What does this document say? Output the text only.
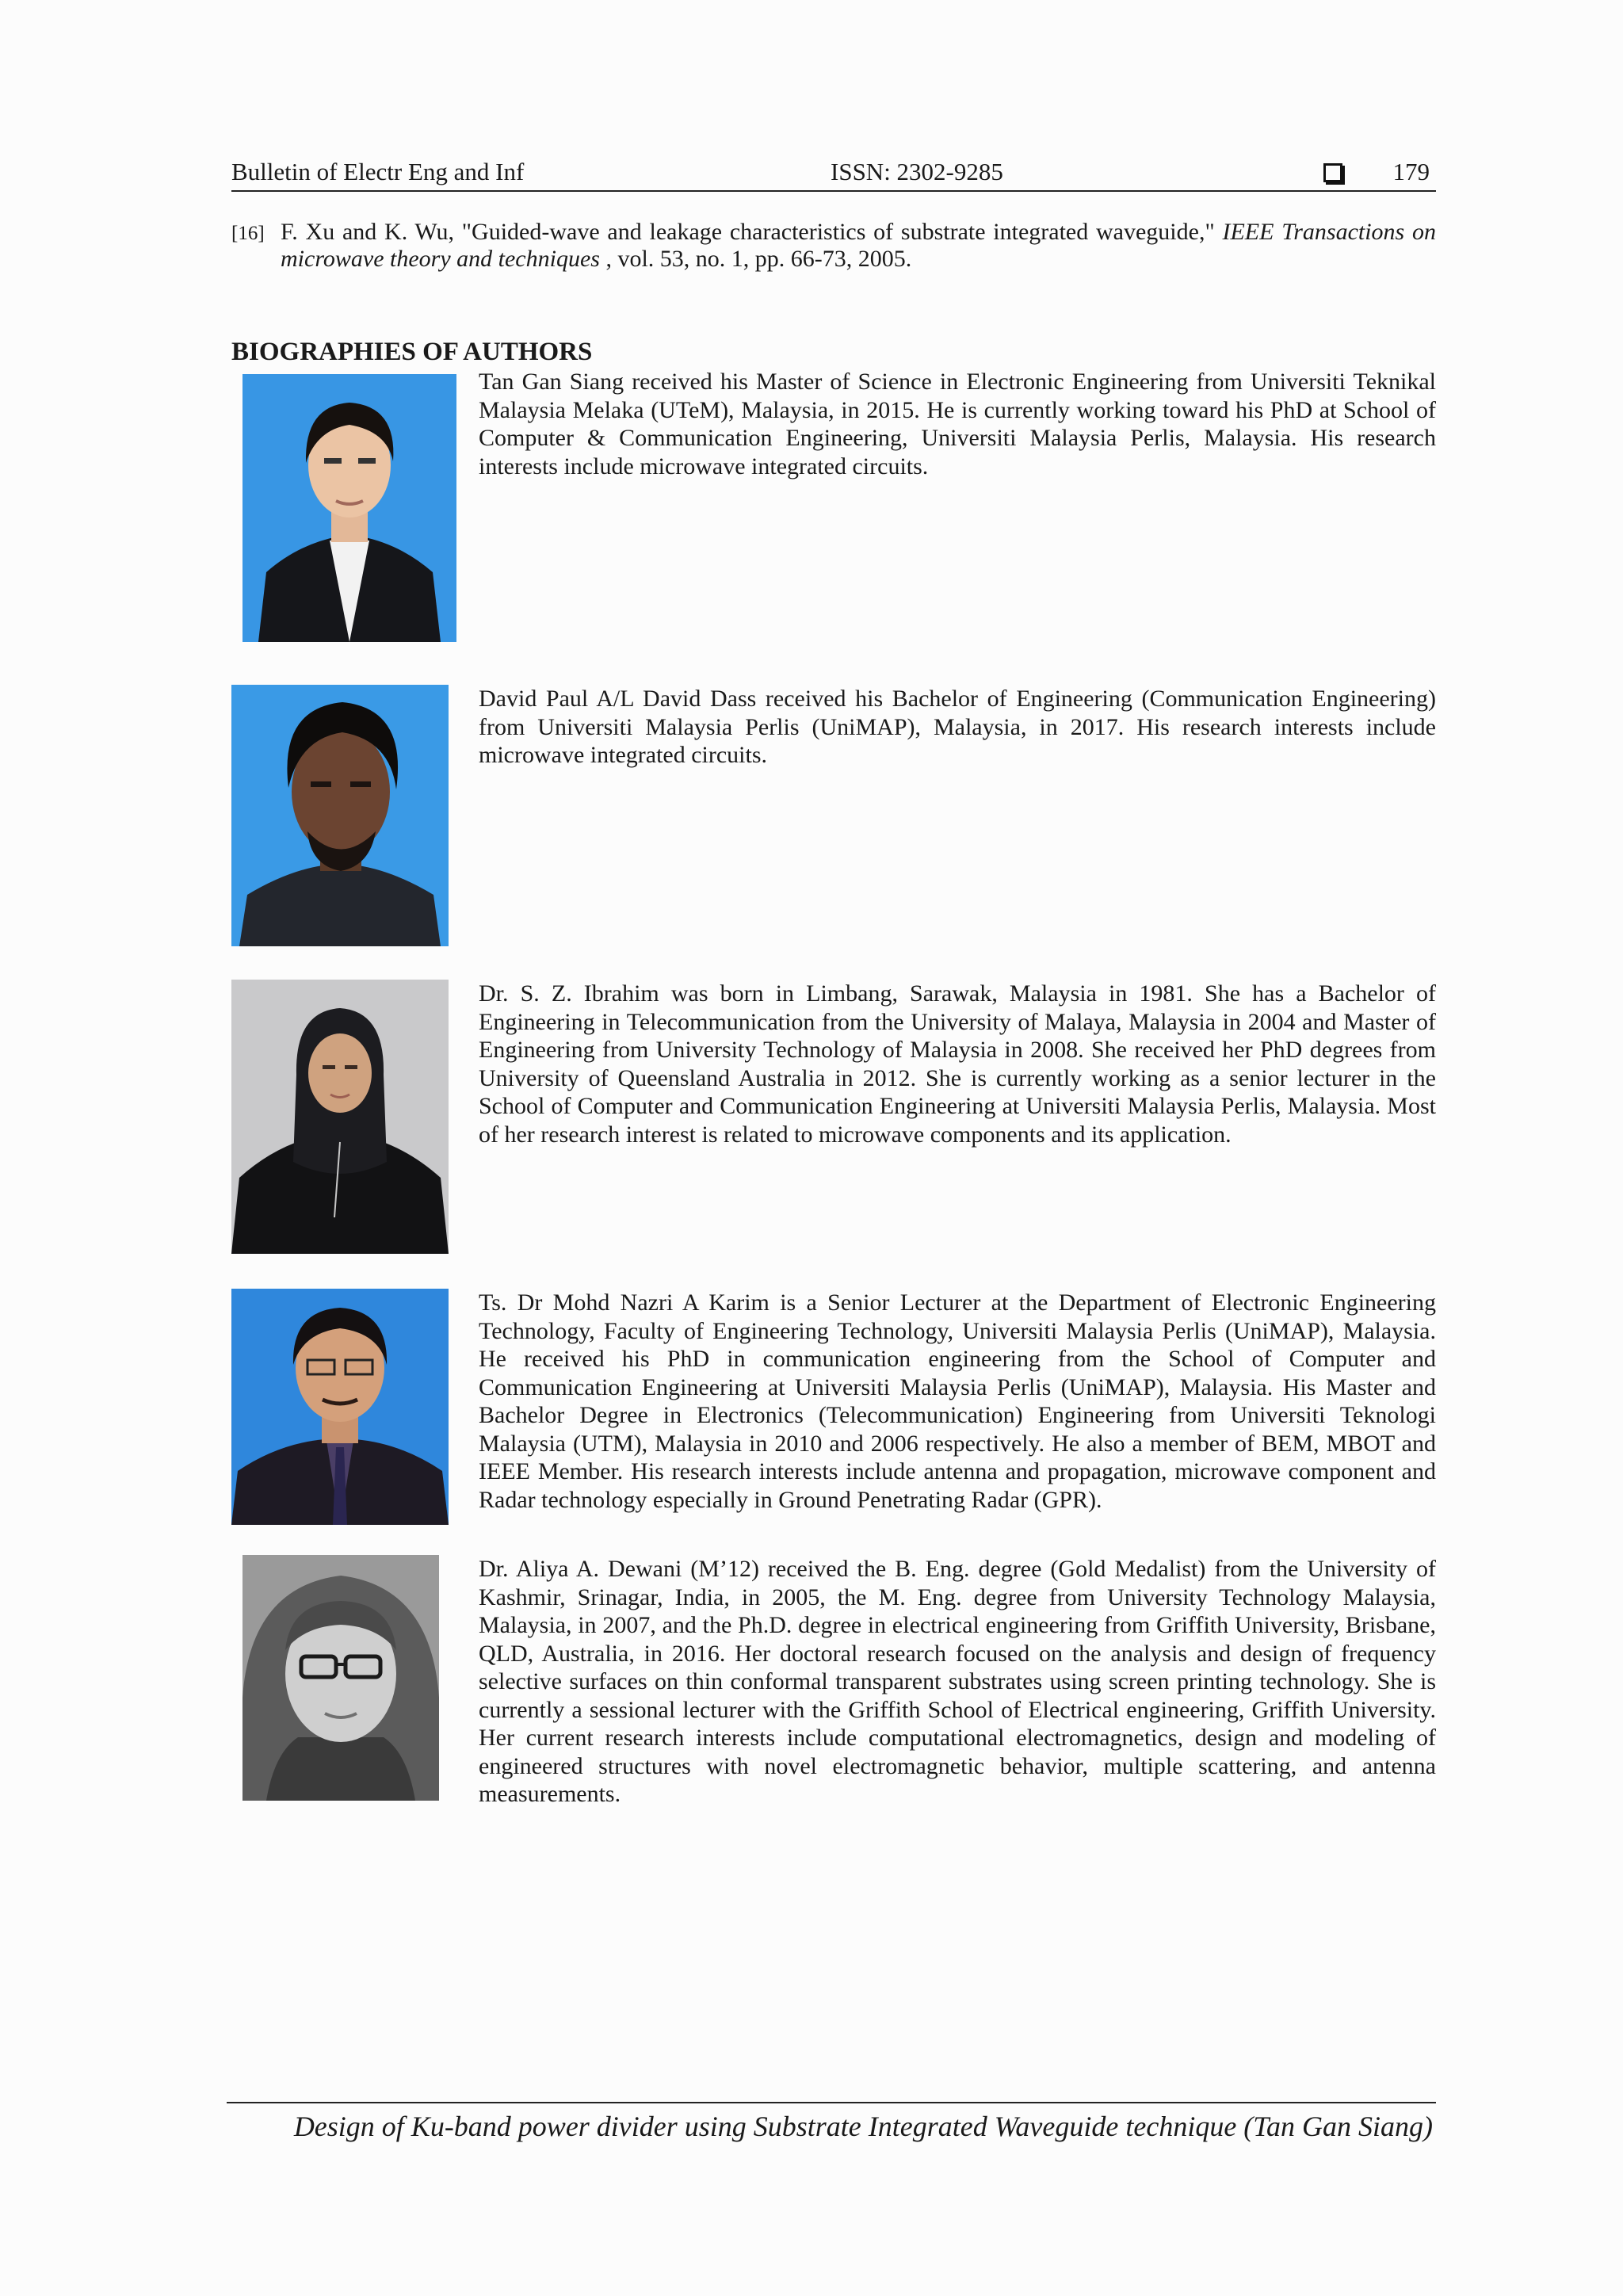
Bulletin of Electr Eng and Inf	ISSN: 2302-9285	179
[16] F. Xu and K. Wu, "Guided-wave and leakage characteristics of substrate integrated waveguide," IEEE Transactions on microwave theory and techniques , vol. 53, no. 1, pp. 66-73, 2005.
BIOGRAPHIES OF AUTHORS
Tan Gan Siang received his Master of Science in Electronic Engineering from Universiti Teknikal Malaysia Melaka (UTeM), Malaysia, in 2015. He is currently working toward his PhD at School of Computer & Communication Engineering, Universiti Malaysia Perlis, Malaysia. His research interests include microwave integrated circuits.
David Paul A/L David Dass received his Bachelor of Engineering (Communication Engineering) from Universiti Malaysia Perlis (UniMAP), Malaysia, in 2017. His research interests include microwave integrated circuits.
Dr. S. Z. Ibrahim was born in Limbang, Sarawak, Malaysia in 1981. She has a Bachelor of Engineering in Telecommunication from the University of Malaya, Malaysia in 2004 and Master of Engineering from University Technology of Malaysia in 2008. She received her PhD degrees from University of Queensland Australia in 2012. She is currently working as a senior lecturer in the School of Computer and Communication Engineering at Universiti Malaysia Perlis, Malaysia. Most of her research interest is related to microwave components and its application.
Ts. Dr Mohd Nazri A Karim is a Senior Lecturer at the Department of Electronic Engineering Technology, Faculty of Engineering Technology, Universiti Malaysia Perlis (UniMAP), Malaysia. He received his PhD in communication engineering from the School of Computer and Communication Engineering at Universiti Malaysia Perlis (UniMAP), Malaysia. His Master and Bachelor Degree in Electronics (Telecommunication) Engineering from Universiti Teknologi Malaysia (UTM), Malaysia in 2010 and 2006 respectively. He also a member of BEM, MBOT and IEEE Member. His research interests include antenna and propagation, microwave component and Radar technology especially in Ground Penetrating Radar (GPR).
Dr. Aliya A. Dewani (M’12) received the B. Eng. degree (Gold Medalist) from the University of Kashmir, Srinagar, India, in 2005, the M. Eng. degree from University Technology Malaysia, Malaysia, in 2007, and the Ph.D. degree in electrical engineering from Griffith University, Brisbane, QLD, Australia, in 2016. Her doctoral research focused on the analysis and design of frequency selective surfaces on thin conformal transparent substrates using screen printing technology. She is currently a sessional lecturer with the Griffith School of Electrical engineering, Griffith University. Her current research interests include computational electromagnetics, design and modeling of engineered structures with novel electromagnetic behavior, multiple scattering, and antenna measurements.
Design of Ku-band power divider using Substrate Integrated Waveguide technique (Tan Gan Siang)
